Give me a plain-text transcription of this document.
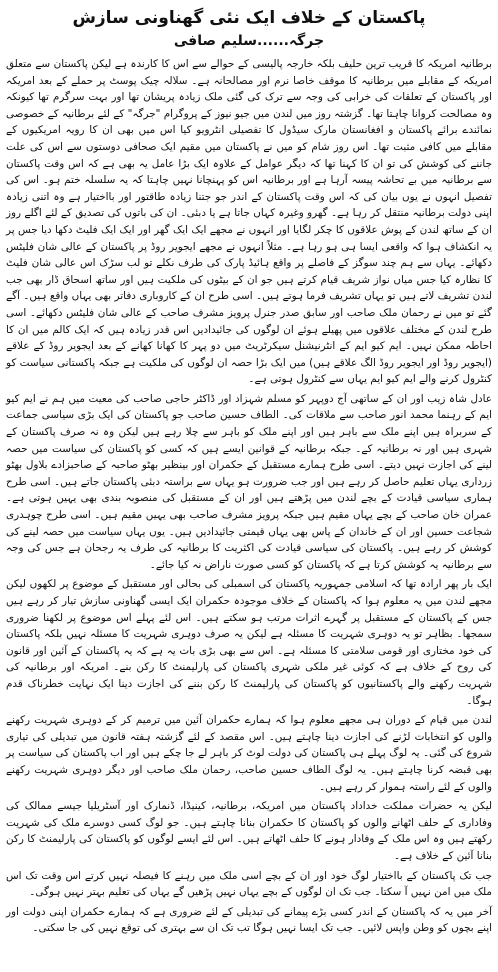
پاکستان کے خلاف ایک نئی گھناونی سازش
جرگہ......سلیم صافی

برطانیہ امریکہ کا قریب ترین حلیف بلکہ خارجہ پالیسی کے حوالے سے اس کا کارندہ ہے لیکن پاکستان سے متعلق امریکہ کے مقابلے میں برطانیہ کا موقف خاصا نرم اور مصالحانہ ہے۔ سلالہ چیک پوسٹ پر حملے کے بعد امریکہ اور پاکستان کے تعلقات کی خرابی کی وجہ سے ترک کی گئی ملک زیادہ پریشان تھا اور بہت سرگرم تھا کیونکہ وہ مصالحت کروانا چاہتا تھا۔ گزشتہ روز میں لندن میں جیو نیوز کے پروگرام "جرگہ" کے لئے برطانیہ کے خصوصی نمائندے برائے پاکستان و افغانستان مارک سیڈول کا تفصیلی انٹرویو کیا اس میں بھی ان کا رویہ امریکیوں کے مقابلے میں کافی مثبت تھا۔ اس روز شام کو میں نے پاکستان میں مقیم ایک صحافی دوستوں سے اس کی علت جاننے کی کوشش کی تو ان کا کہنا تھا کہ دیگر عوامل کے علاوہ ایک بڑا عامل یہ بھی ہے کہ اس وقت پاکستان سے برطانیہ میں بے تحاشہ پیسہ آرہا ہے اور برطانیہ اس کو پہنچانا نہیں چاہتا کہ یہ سلسلہ ختم ہو۔ اس کی تفصیل انہوں نے یوں بیان کی کہ اس وقت پاکستان کے اندر جو جتنا زیادہ طاقتور اور بااختیار ہے وہ اتنی زیادہ اپنی دولت برطانیہ منتقل کر رہا ہے۔ گھرو وغیرہ کہاں جاتا ہے یا دبئی۔ ان کی باتوں کی تصدیق کے لئے اگلے روز ان کے ساتھ لندن کے پوش علاقوں کا چکر لگایا اور انہوں نے مجھے ایک ایک گھر اور ایک ایک فلیٹ دکھا دیا جس پر یہ انکشاف ہوا کہ واقعی ایسا ہی ہو رہا ہے۔ مثلاً انہوں نے مجھے ایجویر روڈ پر پاکستان کے عالی شان فلیٹس دکھائے۔ یہاں سے ہم چند سوگز کے فاصلے پر واقع ہائیڈ پارک کی طرف نکلے تو لب سڑک اس عالی شان فلیٹ کا نظارہ کیا جس میاں نواز شریف قیام کرتے ہیں جو ان کے بیٹوں کی ملکیت ہیں اور ساتھ اسحاق ڈار بھی جب لندن تشریف لاتے ہیں تو یہاں تشریف فرما ہوتے ہیں۔ اسی طرح ان کے کاروباری دفاتر بھی یہاں واقع ہیں۔ آگے گئے تو میں نے رحمان ملک صاحب اور سابق صدر جنرل پرویز مشرف صاحب کے عالی شان فلیٹس دکھائے۔ اسی طرح لندن کے مختلف علاقوں میں پھیلے ہوئے ان لوگوں کی جائیدادیں اس قدر زیادہ ہیں کہ ایک کالم میں ان کا احاطہ ممکن نہیں۔ ایم کیو ایم کے انٹرنیشنل سیکرٹریٹ میں دو پہر کا کھانا کھانے کے بعد ایجویر روڈ کے علاقے (ایجویر روڈ اور ایجویر روڈ الگ علاقے ہیں) میں ایک بڑا حصہ ان لوگوں کی ملکیت ہے جبکہ پاکستانی سیاست کو کنٹرول کرنے والے ایم کیو ایم یہاں سے کنٹرول ہوتی ہے۔

عادل شاہ زیب اور ان کے ساتھی آج دوپہر کو مسلم شہزاد اور ڈاکٹر حاجی صاحب کی معیت میں ہم نے ایم کیو ایم کے رہنما محمد انور صاحب سے ملاقات کی۔ الطاف حسین صاحب جو پاکستان کی ایک بڑی سیاسی جماعت کے سربراہ ہیں اپنے ملک سے باہر ہیں اور اپنے ملک کو باہر سے چلا رہے ہیں لیکن وہ نہ صرف پاکستان کے شہری ہیں اور نہ برطانیہ کے۔ جبکہ برطانیہ کے قوانین ایسے ہیں کہ کسی کو پاکستان کی سیاست میں حصہ لینے کی اجازت نہیں دیتے۔ اسی طرح ہمارے مستقبل کے حکمران اور بینظیر بھٹو صاحبہ کے صاحبزادے بلاول بھٹو زرداری یہاں تعلیم حاصل کر رہے ہیں اور جب ضرورت ہو یہاں سے براستہ دبئی پاکستان جاتے ہیں۔ اسی طرح ہماری سیاسی قیادت کے بچے لندن میں پڑھتے ہیں اور ان کے مستقبل کی منصوبہ بندی بھی یہیں ہوتی ہے۔ عمران خان صاحب کے بچے یہاں مقیم ہیں جبکہ پرویز مشرف صاحب بھی یہیں مقیم ہیں۔ اسی طرح چوہدری شجاعت حسین اور ان کے خاندان کے پاس بھی یہاں قیمتی جائیدادیں ہیں۔ یوں یہاں سیاست میں حصہ لینے کی کوشش کر رہے ہیں۔ پاکستان کی سیاسی قیادت کی اکثریت کا برطانیہ کی طرف یہ رجحان ہے جس کی وجہ سے برطانیہ یہ کوشش کرتا ہے کہ پاکستان کو کسی صورت ناراض نہ کیا جائے۔

ایک بار پھر ارادہ تھا کہ اسلامی جمہوریہ پاکستان کی اسمبلی کی بحالی اور مستقبل کے موضوع پر لکھوں لیکن مجھے لندن میں یہ معلوم ہوا کہ پاکستان کے خلاف موجودہ حکمران ایک ایسی گھناونی سازش تیار کر رہے ہیں جس کے پاکستان کے مستقبل پر گہرے اثرات مرتب ہو سکتے ہیں۔ اس لئے پہلے اس موضوع پر لکھنا ضروری سمجھا۔ بظاہر تو یہ دوہری شہریت کا مسئلہ ہے لیکن یہ صرف دوہری شہریت کا مسئلہ نہیں بلکہ پاکستان کی خود مختاری اور قومی سلامتی کا مسئلہ ہے۔ اس سے بھی بڑی بات یہ ہے کہ یہ پاکستان کے آئین اور قانون کی روح کے خلاف ہے کہ کوئی غیر ملکی شہری پاکستان کی پارلیمنٹ کا رکن بنے۔ امریکہ اور برطانیہ کی شہریت رکھنے والے پاکستانیوں کو پاکستان کی پارلیمنٹ کا رکن بننے کی اجازت دینا ایک نہایت خطرناک قدم ہوگا۔

لندن میں قیام کے دوران ہی مجھے معلوم ہوا کہ ہمارے حکمران آئین میں ترمیم کر کے دوہری شہریت رکھنے والوں کو انتخابات لڑنے کی اجازت دینا چاہتے ہیں۔ اس مقصد کے لئے گزشتہ ہفتہ قانون میں تبدیلی کی تیاری شروع کی گئی۔ یہ لوگ پہلے ہی پاکستان کی دولت لوٹ کر باہر لے جا چکے ہیں اور اب پاکستان کی سیاست پر بھی قبضہ کرنا چاہتے ہیں۔ یہ لوگ الطاف حسین صاحب، رحمان ملک صاحب اور دیگر دوہری شہریت رکھنے والوں کے لئے راستہ ہموار کر رہے ہیں۔

لیکن یہ حضرات مملکت خداداد پاکستان میں امریکہ، برطانیہ، کینیڈا، ڈنمارک اور آسٹریلیا جیسے ممالک کی وفاداری کے حلف اٹھانے والوں کو پاکستان کا حکمران بنانا چاہتے ہیں۔ جو لوگ کسی دوسرے ملک کی شہریت رکھتے ہیں وہ اس ملک کے وفادار ہونے کا حلف اٹھاتے ہیں۔ اس لئے ایسے لوگوں کو پاکستان کی پارلیمنٹ کا رکن بنانا آئین کے خلاف ہے۔

جب تک پاکستان کے بااختیار لوگ خود اور ان کے بچے اسی ملک میں رہنے کا فیصلہ نہیں کرتے اس وقت تک اس ملک میں امن نہیں آ سکتا۔ جب تک ان لوگوں کے بچے یہاں نہیں پڑھیں گے یہاں کی تعلیم بہتر نہیں ہوگی۔

آخر میں یہ کہ پاکستان کے اندر کسی بڑے پیمانے کی تبدیلی کے لئے ضروری ہے کہ ہمارے حکمران اپنی دولت اور اپنے بچوں کو وطن واپس لائیں۔ جب تک ایسا نہیں ہوگا تب تک ان سے بہتری کی توقع نہیں کی جا سکتی۔
